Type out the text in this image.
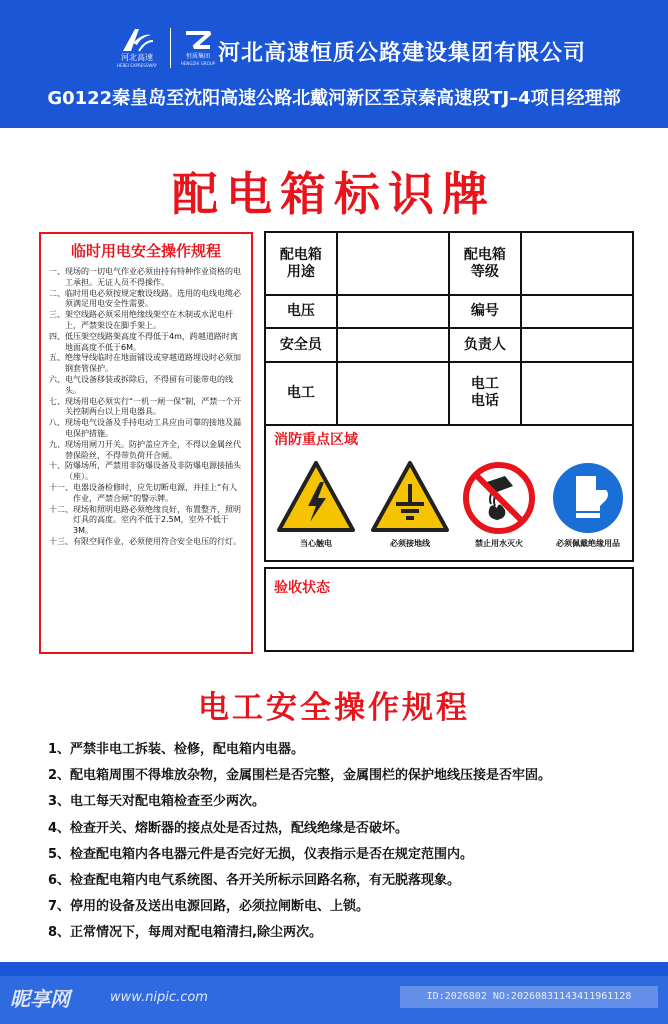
河北高速
HEBEI EXPRESSWAY
恒质集团
HENGZHI GROUP 河北高速恒质公路建设集团有限公司
G0122秦皇岛至沈阳高速公路北戴河新区至京秦高速段TJ–4项目经理部
配电箱标识牌
临时用电安全操作规程
一、 现场的一切电气作业必须由持有特种作业资格的电工承担。无证人员不得操作。
二、 临时用电必须按规定敷设线路。选用的电线电缆必须满足用电安全性需要。
三、 架空线路必须采用绝缘线架空在木制或水泥电杆上，严禁架设在脚手架上。
四、 低压架空线路架高度不得低于4m，跨越道路时离地面高度不低于6M。
五、 绝缘导线临时在地面铺设或穿越道路埋设时必须加钢套管保护。
六、 电气设备移装或拆除后，不得留有可能带电的线头。
七、 现场用电必须实行“一机一闸一保”制，严禁一个开关控制两台以上用电器具。
八、 现场电气设备及手持电动工具应由可靠的接地及漏电保护措施。
九、 现场用闸刀开关。防护盖应齐全，不得以金属丝代替保险丝，不得带负荷开合闸。
十、 防爆场所，严禁用非防爆设备及非防爆电源接插头（座）。
十一、 电器设备检修时，应先切断电源，并挂上“有人作业，严禁合闸”的警示牌。
十二、 现场和照明电路必须绝缘良好，布置整齐，照明灯具的高度。室内不低于2.5M，室外不低于3M。
十三、 有限空间作业，必须使用符合安全电压的行灯。
配电箱用途		配电箱等级	
电压		编号	
安全员		负责人	
电工		电工电话	
消防重点区域
当心触电	必须接地线	禁止用水灭火	必须佩戴绝缘用品
验收状态
电工安全操作规程
1、严禁非电工拆装、检修，配电箱内电器。
2、配电箱周围不得堆放杂物，金属围栏是否完整，金属围栏的保护地线压接是否牢固。
3、电工每天对配电箱检查至少两次。
4、检查开关、熔断器的接点处是否过热，配线绝缘是否破坏。
5、检查配电箱内各电器元件是否完好无损，仪表指示是否在规定范围内。
6、检查配电箱内电气系统图、各开关所标示回路名称，有无脱落现象。
7、停用的设备及送出电源回路，必须拉闸断电、上锁。
8、正常情况下，每周对配电箱清扫,除尘两次。
昵享网	www.nipic.com	ID:2026802 NO:20260831143411961128
